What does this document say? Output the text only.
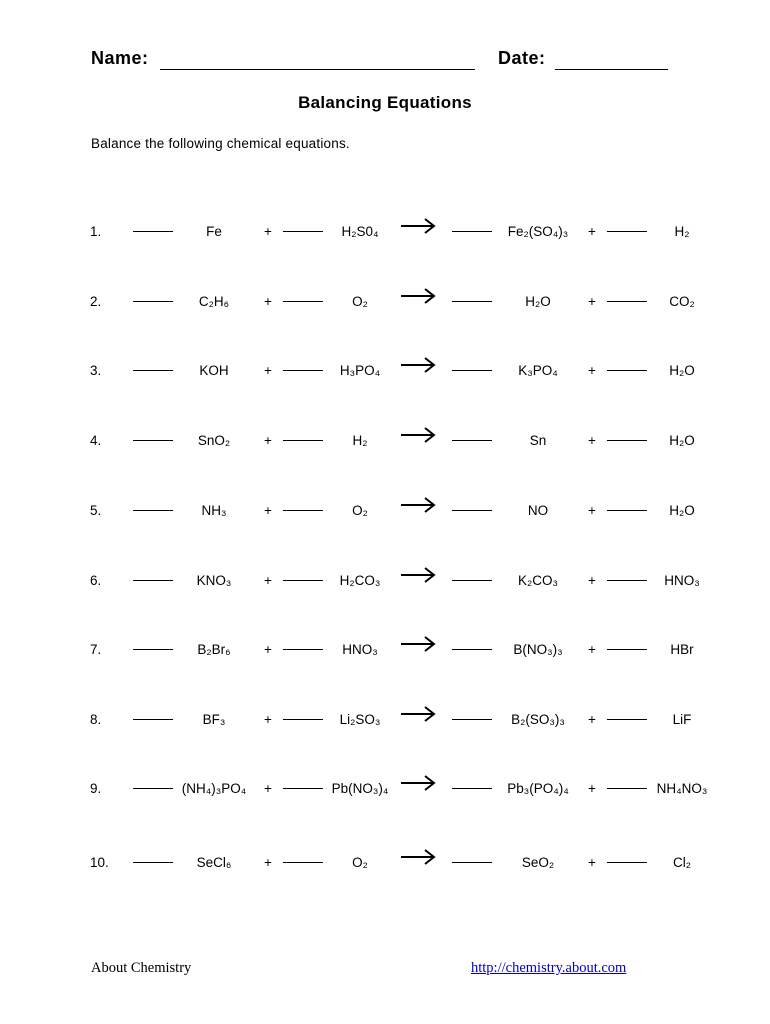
Name:	Date:
Balancing Equations
Balance the following chemical equations.
1.	Fe	+	H₂S0₄	Fe₂(SO₄)₃	+	H₂
2.	C₂H₆	+	O₂	H₂O	+	CO₂
3.	KOH	+	H₃PO₄	K₃PO₄	+	H₂O
4.	SnO₂	+	H₂	Sn	+	H₂O
5.	NH₃	+	O₂	NO	+	H₂O
6.	KNO₃	+	H₂CO₃	K₂CO₃	+	HNO₃
7.	B₂Br₆	+	HNO₃	B(NO₃)₃	+	HBr
8.	BF₃	+	Li₂SO₃	B₂(SO₃)₃	+	LiF
9.	(NH₄)₃PO₄	+	Pb(NO₃)₄	Pb₃(PO₄)₄	+	NH₄NO₃
10.	SeCl₆	+	O₂	SeO₂	+	Cl₂
About Chemistry	http://chemistry.about.com
